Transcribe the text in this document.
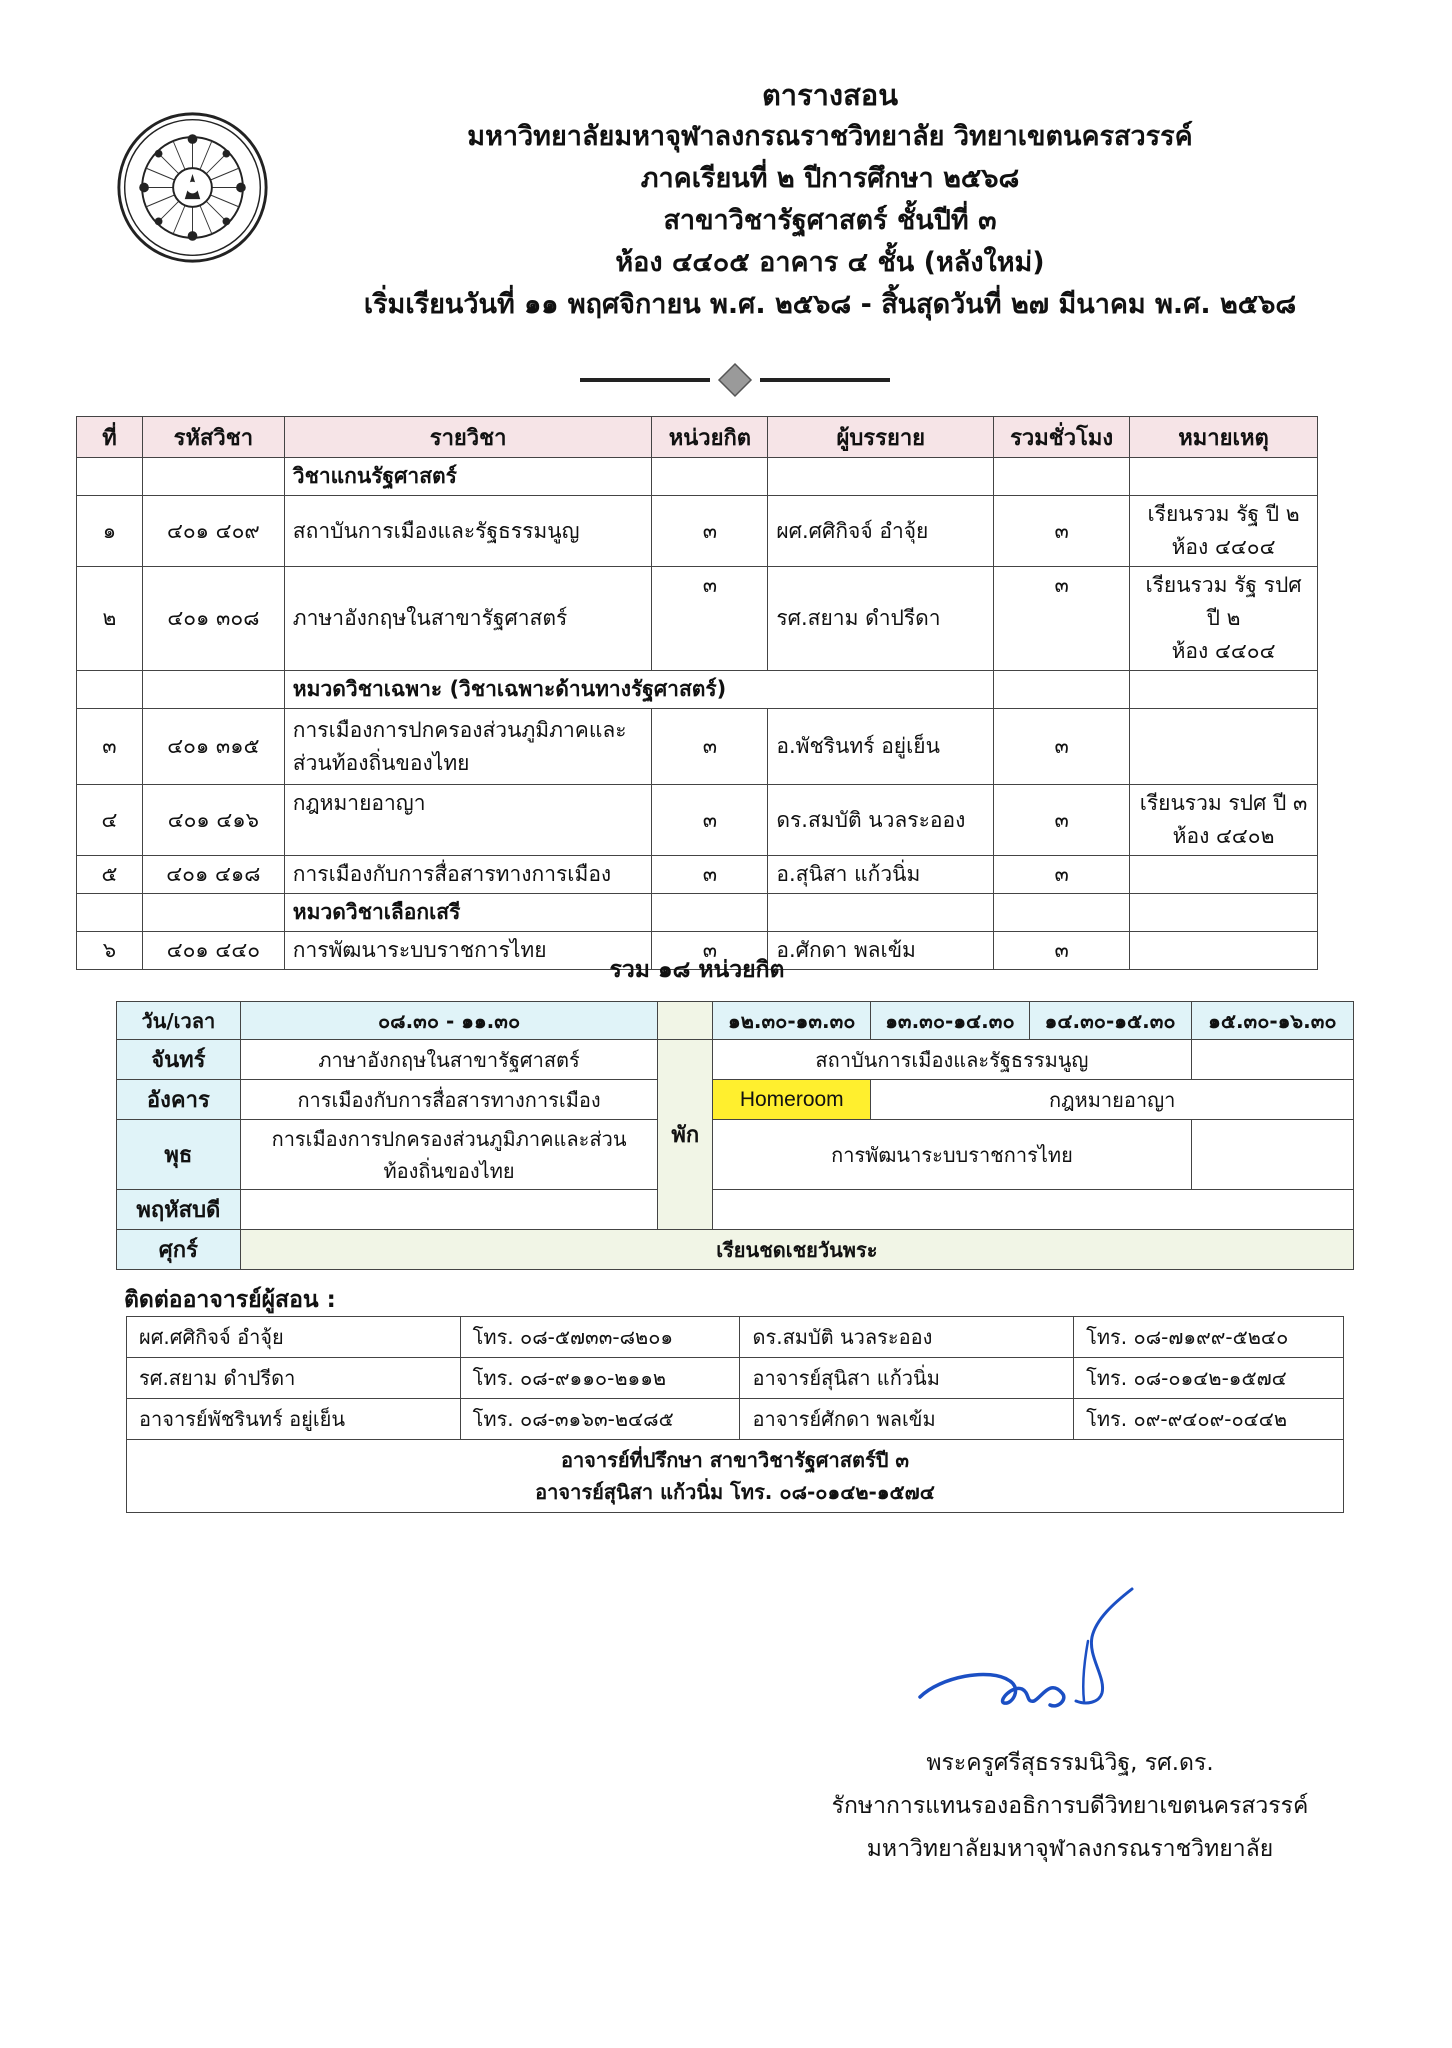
ตารางสอน
มหาวิทยาลัยมหาจุฬาลงกรณราชวิทยาลัย วิทยาเขตนครสวรรค์
ภาคเรียนที่ ๒ ปีการศึกษา ๒๕๖๘
สาขาวิชารัฐศาสตร์ ชั้นปีที่ ๓
ห้อง ๔๔๐๕ อาคาร ๔ ชั้น (หลังใหม่)
เริ่มเรียนวันที่ ๑๑ พฤศจิกายน พ.ศ. ๒๕๖๘ - สิ้นสุดวันที่ ๒๗ มีนาคม พ.ศ. ๒๕๖๘
ที่	รหัสวิชา	รายวิชา	หน่วยกิต	ผู้บรรยาย	รวมชั่วโมง	หมายเหตุ
		วิชาแกนรัฐศาสตร์				
๑	๔๐๑ ๔๐๙	สถาบันการเมืองและรัฐธรรมนูญ	๓	ผศ.ศศิกิจจ์ อำจุ้ย	๓	เรียนรวม รัฐ ปี ๒
ห้อง ๔๔๐๔

๒	๔๐๑ ๓๐๘	ภาษาอังกฤษในสาขารัฐศาสตร์	๓	รศ.สยาม ดำปรีดา	๓	เรียนรวม รัฐ รปศ ปี ๒
ห้อง ๔๔๐๔

		หมวดวิชาเฉพาะ (วิชาเฉพาะด้านทางรัฐศาสตร์)				
๓	๔๐๑ ๓๑๕	การเมืองการปกครองส่วนภูมิภาคและ
ส่วนท้องถิ่นของไทย	๓	อ.พัชรินทร์ อยู่เย็น	๓	
๔	๔๐๑ ๔๑๖	กฎหมายอาญา	๓	ดร.สมบัติ นวลระออง	๓	เรียนรวม รปศ ปี ๓
ห้อง ๔๔๐๒

๕	๔๐๑ ๔๑๘	การเมืองกับการสื่อสารทางการเมือง	๓	อ.สุนิสา แก้วนิ่ม	๓	
		หมวดวิชาเลือกเสรี				
๖	๔๐๑ ๔๔๐	การพัฒนาระบบราชการไทย	๓	อ.ศักดา พลเข้ม	๓	
รวม ๑๘ หน่วยกิต
วัน/เวลา	๐๘.๓๐ - ๑๑.๓๐		๑๒.๓๐-๑๓.๓๐	๑๓.๓๐-๑๔.๓๐	๑๔.๓๐-๑๕.๓๐	๑๕.๓๐-๑๖.๓๐
จันทร์	ภาษาอังกฤษในสาขารัฐศาสตร์	พัก	สถาบันการเมืองและรัฐธรรมนูญ			
อังคาร	การเมืองกับการสื่อสารทางการเมือง		Homeroom	กฎหมายอาญา		
พุธ	การเมืองการปกครองส่วนภูมิภาคและส่วน
ท้องถิ่นของไทย		การพัฒนาระบบราชการไทย			
พฤหัสบดี						
ศุกร์	เรียนชดเชยวันพระ					
ติดต่ออาจารย์ผู้สอน :
ผศ.ศศิกิจจ์ อำจุ้ย	โทร. ๐๘-๕๗๓๓-๘๒๐๑	ดร.สมบัติ นวลระออง	โทร. ๐๘-๗๑๙๙-๕๒๔๐
รศ.สยาม ดำปรีดา	โทร. ๐๘-๙๑๑๐-๒๑๑๒	อาจารย์สุนิสา แก้วนิ่ม	โทร. ๐๘-๐๑๔๒-๑๕๗๔
อาจารย์พัชรินทร์ อยู่เย็น	โทร. ๐๘-๓๑๖๓-๒๔๘๕	อาจารย์ศักดา พลเข้ม	โทร. ๐๙-๙๔๐๙-๐๔๔๒

อาจารย์ที่ปรึกษา สาขาวิชารัฐศาสตร์ปี ๓
อาจารย์สุนิสา แก้วนิ่ม โทร. ๐๘-๐๑๔๒-๑๕๗๔			
พระครูศรีสุธรรมนิวิฐ, รศ.ดร.
รักษาการแทนรองอธิการบดีวิทยาเขตนครสวรรค์
มหาวิทยาลัยมหาจุฬาลงกรณราชวิทยาลัย
